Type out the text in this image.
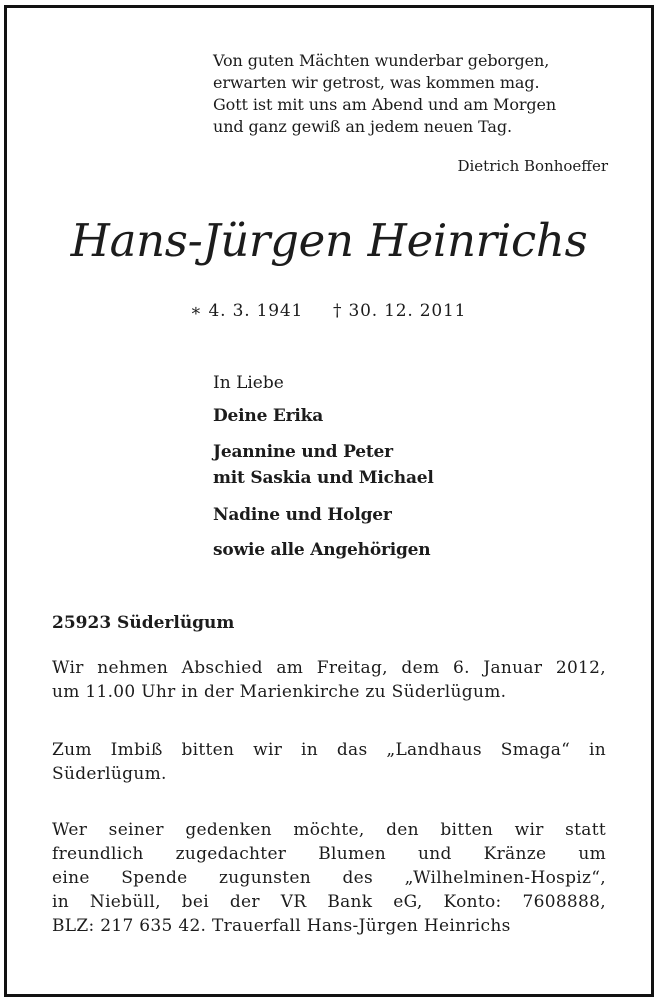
Von guten Mächten wunderbar geborgen,
erwarten wir getrost, was kommen mag.
Gott ist mit uns am Abend und am Morgen
und ganz gewiß an jedem neuen Tag.
Dietrich Bonhoeffer
Hans-Jürgen Heinrichs
∗ 4. 3. 1941 † 30. 12. 2011
In Liebe
Deine Erika
Jeannine und Peter
mit Saskia und Michael
Nadine und Holger
sowie alle Angehörigen
25923 Süderlügum
Wir nehmen Abschied am Freitag, dem 6. Januar 2012,
um 11.00 Uhr in der Marienkirche zu Süderlügum.
Zum Imbiß bitten wir in das „Landhaus Smaga“ in
Süderlügum.
Wer seiner gedenken möchte, den bitten wir statt
freundlich zugedachter Blumen und Kränze um
eine Spende zugunsten des „Wilhelminen-Hospiz“,
in Niebüll, bei der VR Bank eG, Konto: 7608888,
BLZ: 217 635 42. Trauerfall Hans-Jürgen Heinrichs
